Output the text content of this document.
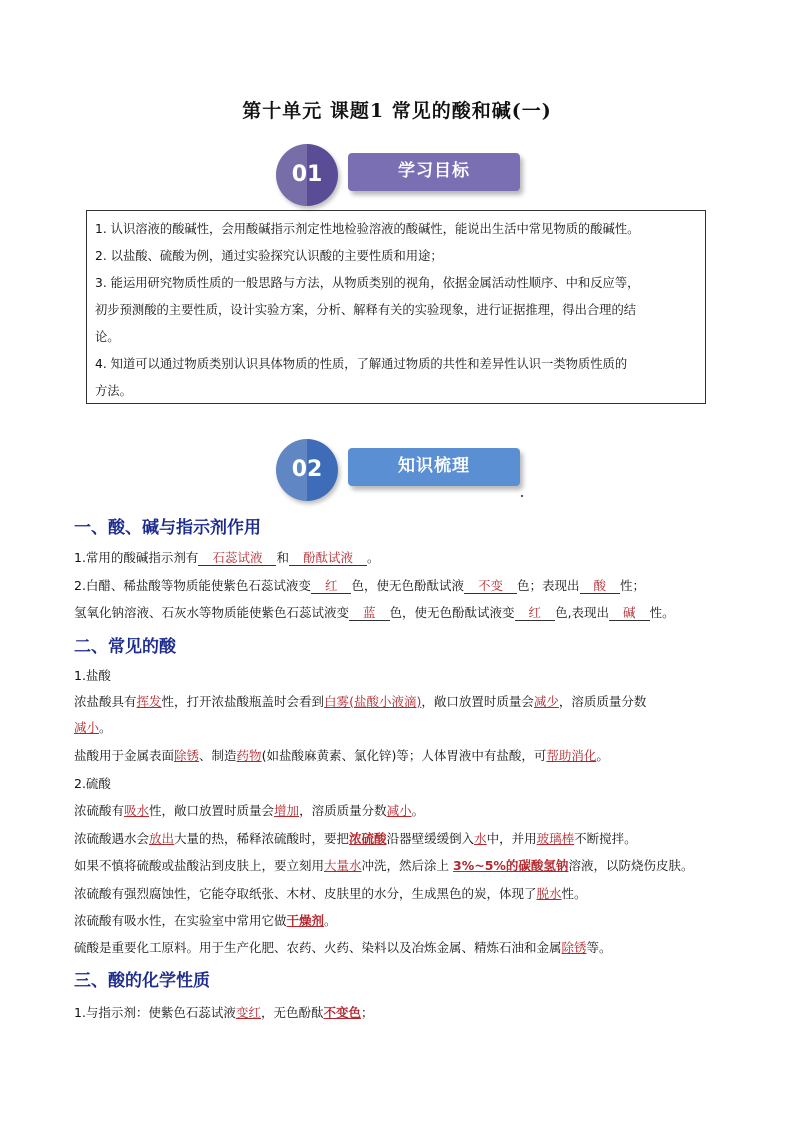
第十单元 课题1 常见的酸和碱(一)
学习目标
01

1. 认识溶液的酸碱性，会用酸碱指示剂定性地检验溶液的酸碱性，能说出生活中常见物质的酸碱性。

2. 以盐酸、硫酸为例，通过实验探究认识酸的主要性质和用途；

3. 能运用研究物质性质的一般思路与方法，从物质类别的视角，依据金属活动性顺序、中和反应等，

初步预测酸的主要性质，设计实验方案，分析、解释有关的实验现象，进行证据推理，得出合理的结

论。

4. 知道可以通过物质类别认识具体物质的性质，了解通过物质的共性和差异性认识一类物质性质的

方法。

知识梳理
02
一、酸、碱与指示剂作用
1.常用的酸碱指示剂有 石蕊试液 和 酚酞试液 。
2.白醋、稀盐酸等物质能使紫色石蕊试液变 红 色，使无色酚酞试液 不变 色；表现出 酸 性；
氢氧化钠溶液、石灰水等物质能使紫色石蕊试液变 蓝 色，使无色酚酞试液变 红 色,表现出 碱 性。
二、常见的酸
1.盐酸
浓盐酸具有挥发性，打开浓盐酸瓶盖时会看到白雾(盐酸小液滴)，敞口放置时质量会减少，溶质质量分数
减小。
盐酸用于金属表面除锈、制造药物(如盐酸麻黄素、氯化锌)等；人体胃液中有盐酸，可帮助消化。
2.硫酸
浓硫酸有吸水性，敞口放置时质量会增加，溶质质量分数减小。
浓硫酸遇水会放出大量的热，稀释浓硫酸时，要把浓硫酸沿器壁缓缓倒入水中，并用玻璃棒不断搅拌。
如果不慎将硫酸或盐酸沾到皮肤上，要立刻用大量水冲洗，然后涂上 3%~5%的碳酸氢钠溶液，以防烧伤皮肤。
浓硫酸有强烈腐蚀性，它能夺取纸张、木材、皮肤里的水分，生成黑色的炭，体现了脱水性。
浓硫酸有吸水性，在实验室中常用它做干燥剂。
硫酸是重要化工原料。用于生产化肥、农药、火药、染料以及冶炼金属、精炼石油和金属除锈等。
三、酸的化学性质
1.与指示剂：使紫色石蕊试液变红，无色酚酞不变色；
